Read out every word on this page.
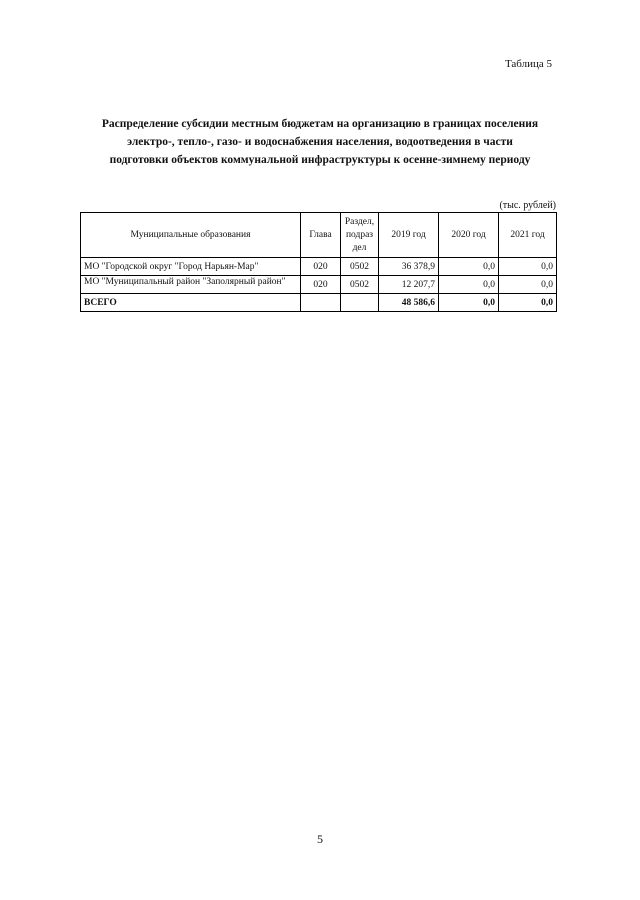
Таблица 5
Распределение субсидии местным бюджетам на организацию в границах поселения
электро-, тепло-, газо- и водоснабжения населения, водоотведения в части
подготовки объектов коммунальной инфраструктуры к осенне-зимнему периоду
(тыс. рублей)
Муниципальные образования	Глава	Раздел, подраз дел	2019 год	2020 год	2021 год
МО "Городской округ "Город Нарьян-Мар"	020	0502	36 378,9	0,0	0,0

МО "Муниципальный район "Заполярный район"	020	0502	12 207,7	0,0	0,0
ВСЕГО			48 586,6	0,0	0,0
5
